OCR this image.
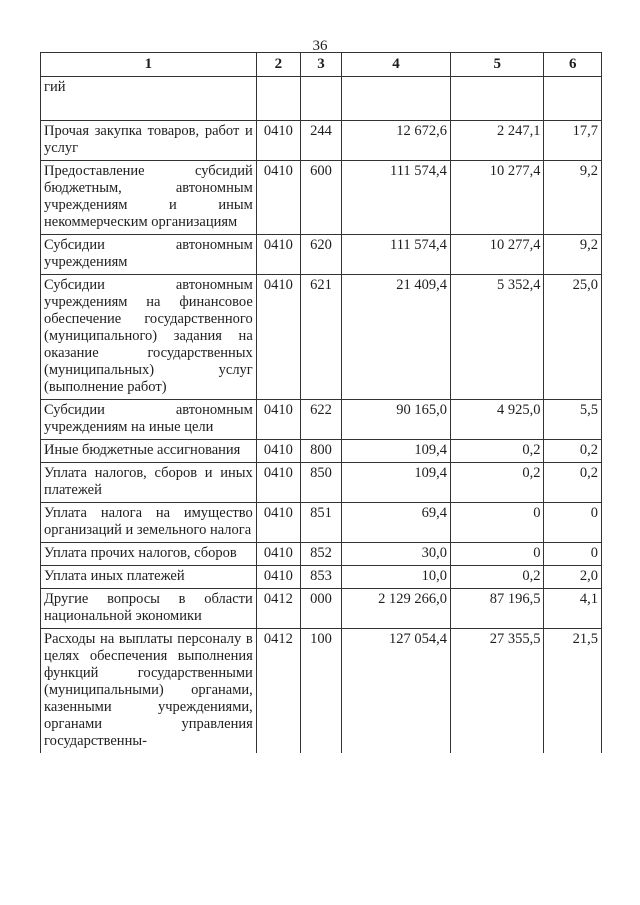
36
1	2	3	4	5	6
гий					
Прочая закупка товаров, работ и услуг	0410	244	12 672,6	2 247,1	17,7
Предоставление субсидий бюджетным, автономным учреждениям и иным некоммерческим организациям	0410	600	111 574,4	10 277,4	9,2
Субсидии автономным учреждениям	0410	620	111 574,4	10 277,4	9,2
Субсидии автономным учреждениям на финансовое обеспечение государственного (муниципального) задания на оказание государственных (муниципальных) услуг (выполнение работ)	0410	621	21 409,4	5 352,4	25,0
Субсидии автономным учреждениям на иные цели	0410	622	90 165,0	4 925,0	5,5
Иные бюджетные ассигнования	0410	800	109,4	0,2	0,2
Уплата налогов, сборов и иных платежей	0410	850	109,4	0,2	0,2
Уплата налога на имущество организаций и земельного налога	0410	851	69,4	0	0
Уплата прочих налогов, сборов	0410	852	30,0	0	0
Уплата иных платежей	0410	853	10,0	0,2	2,0
Другие вопросы в области национальной экономики	0412	000	2 129 266,0	87 196,5	4,1
Расходы на выплаты персоналу в целях обеспечения выполнения функций государственными (муниципальными) органами, казенными учреждениями, органами управления государственны-	0412	100	127 054,4	27 355,5	21,5
